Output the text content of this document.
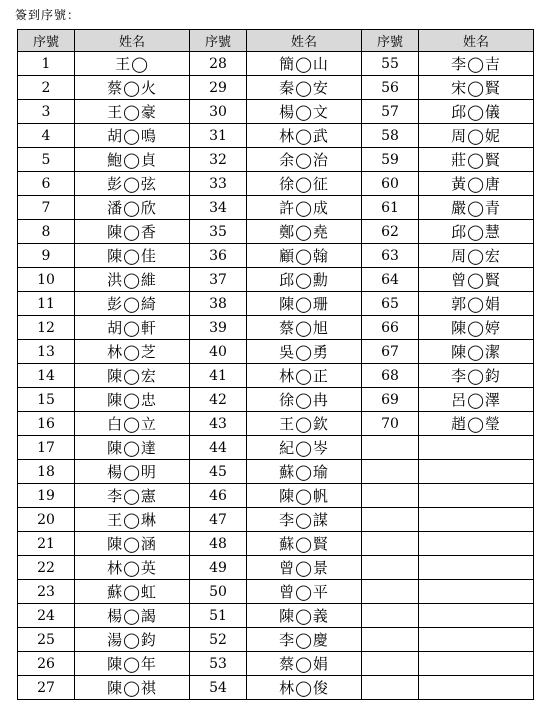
簽到序號：
序號	姓名	序號	姓名	序號	姓名
1	王◯	28	簡◯山	55	李◯吉
2	蔡◯火	29	秦◯安	56	宋◯賢
3	王◯豪	30	楊◯文	57	邱◯儀
4	胡◯鳴	31	林◯武	58	周◯妮
5	鮑◯貞	32	余◯治	59	莊◯賢
6	彭◯弦	33	徐◯征	60	黃◯唐
7	潘◯欣	34	許◯成	61	嚴◯青
8	陳◯香	35	鄭◯堯	62	邱◯慧
9	陳◯佳	36	顧◯翰	63	周◯宏
10	洪◯維	37	邱◯勳	64	曾◯賢
11	彭◯綺	38	陳◯珊	65	郭◯娟
12	胡◯軒	39	蔡◯旭	66	陳◯婷
13	林◯芝	40	吳◯勇	67	陳◯潔
14	陳◯宏	41	林◯正	68	李◯鈞
15	陳◯忠	42	徐◯冉	69	呂◯澤
16	白◯立	43	王◯欽	70	趙◯瑩
17	陳◯達	44	紀◯岑		
18	楊◯明	45	蘇◯瑜		
19	李◯憲	46	陳◯帆		
20	王◯琳	47	李◯謀		
21	陳◯涵	48	蘇◯賢		
22	林◯英	49	曾◯景		
23	蘇◯虹	50	曾◯平		
24	楊◯謁	51	陳◯義		
25	湯◯鈞	52	李◯慶		
26	陳◯年	53	蔡◯娟		
27	陳◯祺	54	林◯俊		
